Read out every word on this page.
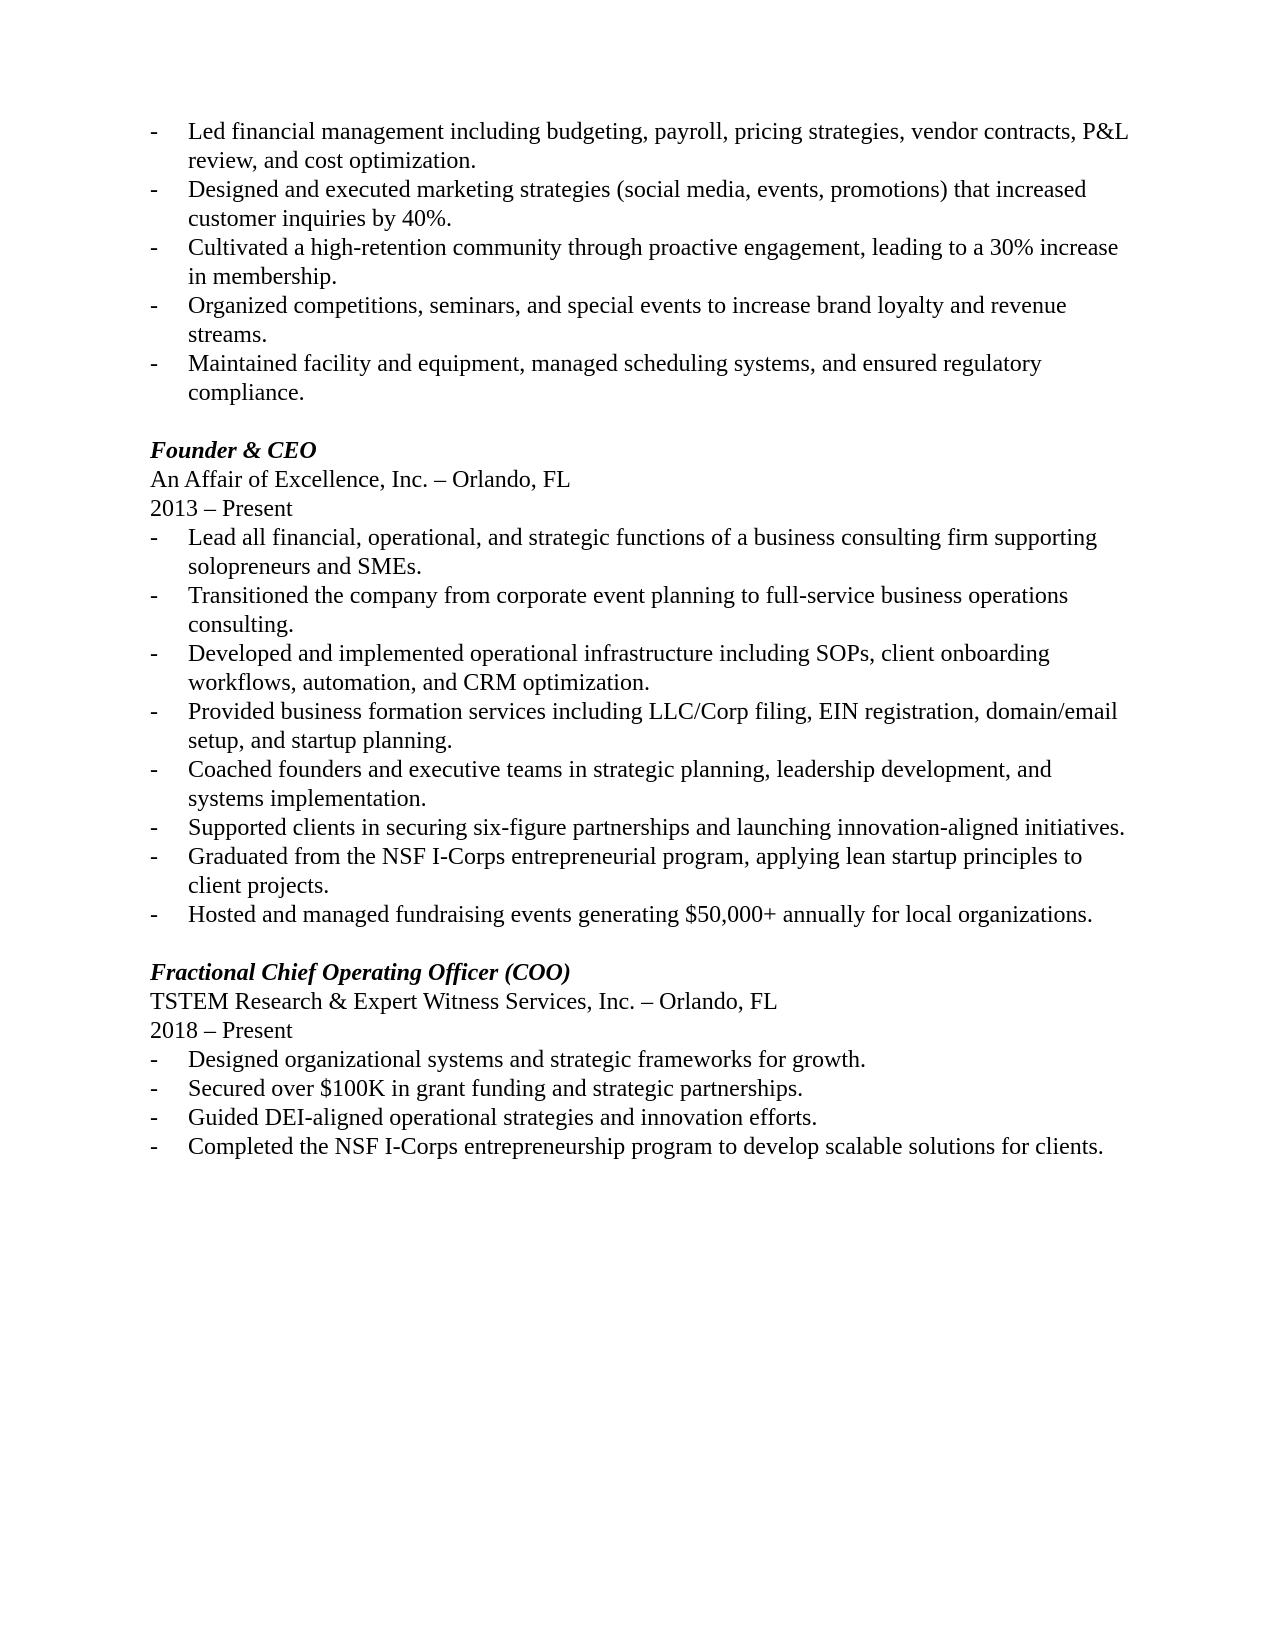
-	Led financial management including budgeting, payroll, pricing strategies, vendor contracts, P&L review, and cost optimization.
-	Designed and executed marketing strategies (social media, events, promotions) that increased customer inquiries by 40%.
-	Cultivated a high-retention community through proactive engagement, leading to a 30% increase in membership.
-	Organized competitions, seminars, and special events to increase brand loyalty and revenue streams.
-	Maintained facility and equipment, managed scheduling systems, and ensured regulatory compliance.

Founder & CEO

An Affair of Excellence, Inc. – Orlando, FL

2013 – Present

-	Lead all financial, operational, and strategic functions of a business consulting firm supporting solopreneurs and SMEs.
-	Transitioned the company from corporate event planning to full-service business operations consulting.
-	Developed and implemented operational infrastructure including SOPs, client onboarding workflows, automation, and CRM optimization.
-	Provided business formation services including LLC/Corp filing, EIN registration, domain/email setup, and startup planning.
-	Coached founders and executive teams in strategic planning, leadership development, and systems implementation.
-	Supported clients in securing six-figure partnerships and launching innovation-aligned initiatives.
-	Graduated from the NSF I-Corps entrepreneurial program, applying lean startup principles to client projects.
-	Hosted and managed fundraising events generating $50,000+ annually for local organizations.

Fractional Chief Operating Officer (COO)

TSTEM Research & Expert Witness Services, Inc. – Orlando, FL

2018 – Present

-	Designed organizational systems and strategic frameworks for growth.
-	Secured over $100K in grant funding and strategic partnerships.
-	Guided DEI-aligned operational strategies and innovation efforts.
-	Completed the NSF I-Corps entrepreneurship program to develop scalable solutions for clients.
